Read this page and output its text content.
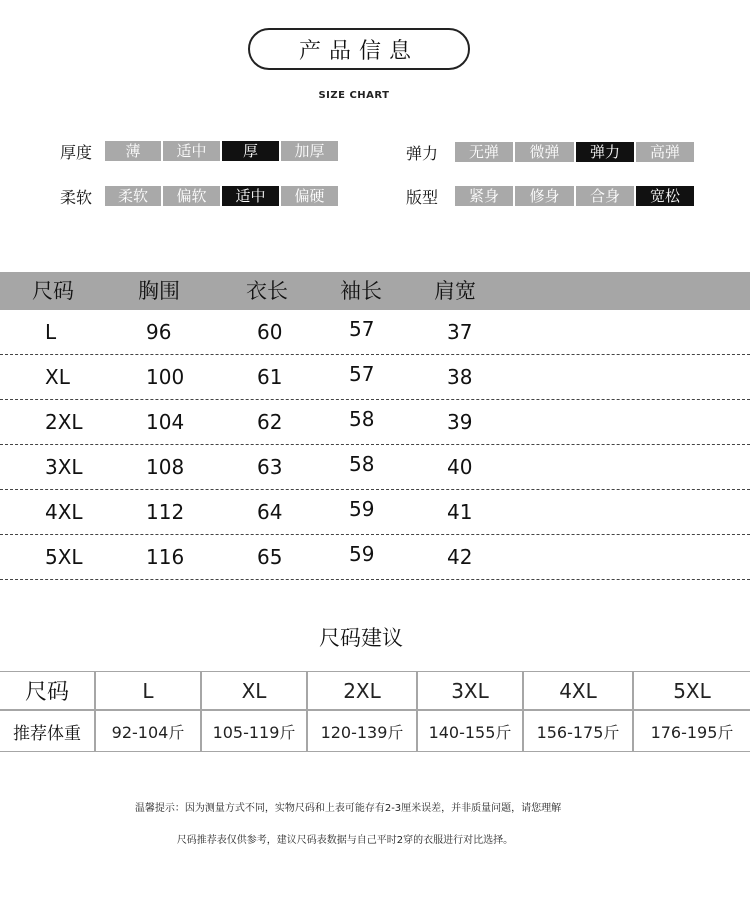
产品信息
SIZE CHART
厚度	薄	适中	厚	加厚	弹力	无弹	微弹	弹力	高弹
柔软	柔软	偏软	适中	偏硬	版型	紧身	修身	合身	宽松
尺码	胸围	衣长 袖长 肩宽
L	96	60	57	37
XL	100	61	57	38
2XL	104	62	58	39
3XL	108	63	58	40
4XL	112	64	59	41
5XL	116	65	59	42
尺码建议
尺码	L	XL	2XL	3XL	4XL	5XL
推荐体重	92-104斤	105-119斤	120-139斤	140-155斤	156-175斤	176-195斤
温馨提示：因为测量方式不同，实物尺码和上表可能存有2-3厘米误差，并非质量问题，请您理解
尺码推荐表仅供参考，建议尺码表数据与自己平时2穿的衣服进行对比选择。
